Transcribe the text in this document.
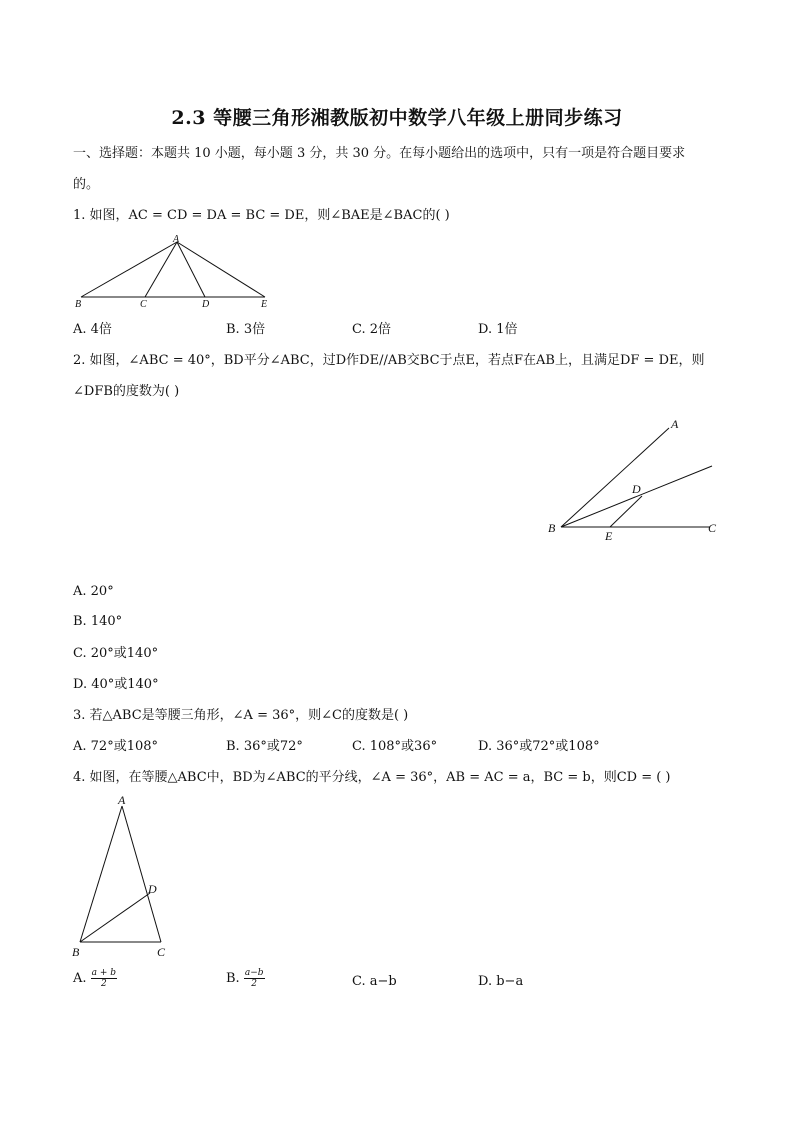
2.3 等腰三角形湘教版初中数学八年级上册同步练习
一、选择题：本题共 10 小题，每小题 3 分，共 30 分。在每小题给出的选项中，只有一项是符合题目要求
的。
1. 如图，AC = CD = DA = BC = DE，则∠BAE是∠BAC的( )
A
B	C	D	E
A. 4倍	B. 3倍	C. 2倍	D. 1倍
2. 如图，∠ABC = 40°，BD平分∠ABC，过D作DE//AB交BC于点E，若点F在AB上，且满足DF = DE，则
∠DFB的度数为( )
A
D
B
E
C
A. 20°
B. 140°
C. 20°或140°
D. 40°或140°
3. 若△ABC是等腰三角形，∠A = 36°，则∠C的度数是( )
A. 72°或108°	B. 36°或72°	C. 108°或36°	D. 36°或72°或108°
4. 如图，在等腰△ABC中，BD为∠ABC的平分线，∠A = 36°，AB = AC = a，BC = b，则CD = ( )
A
D
B	C
A. $\frac{a + b}{2}$	B. $\frac{a-b}{2}$	C. a−b	D. b−a
